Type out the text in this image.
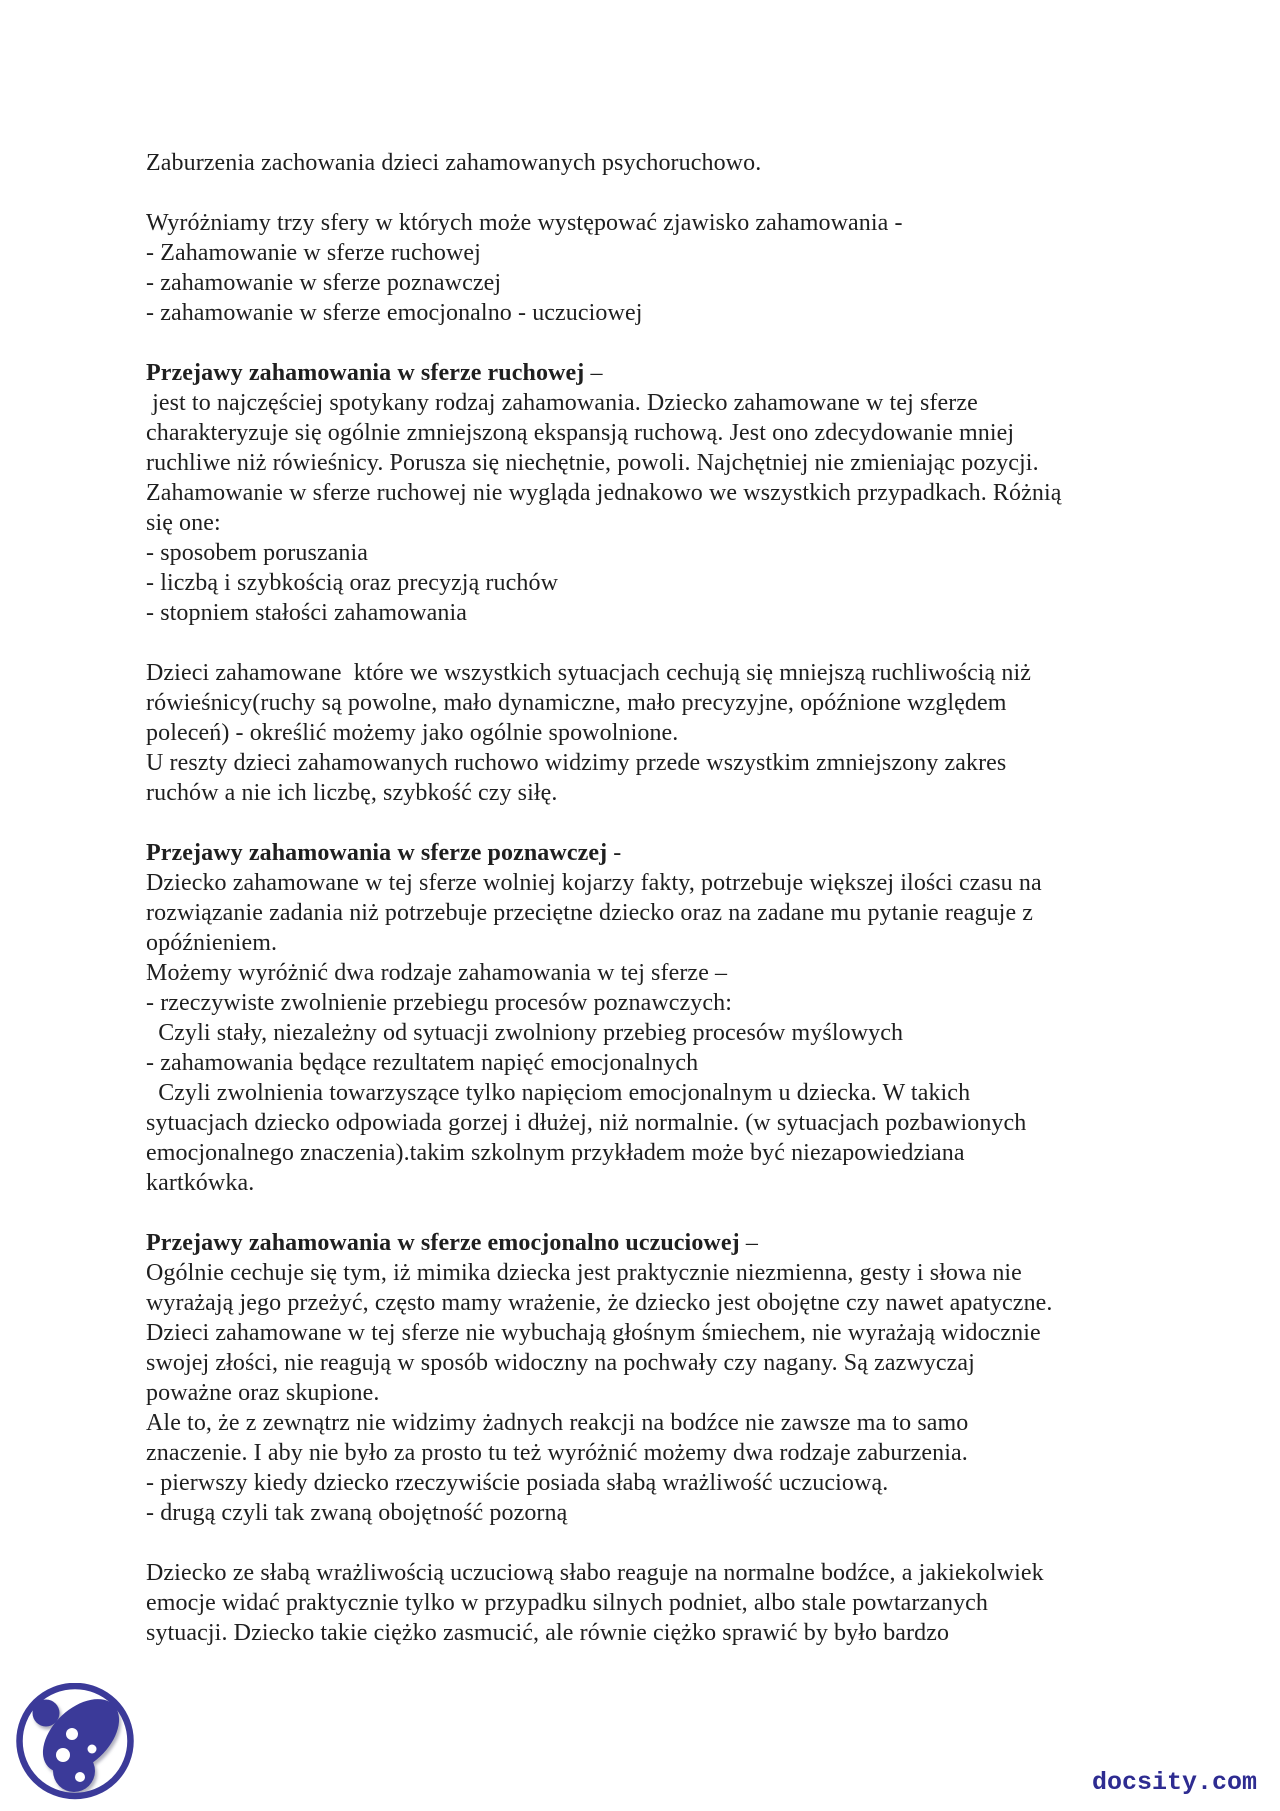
Zaburzenia zachowania dzieci zahamowanych psychoruchowo.
Wyróżniamy trzy sfery w których może występować zjawisko zahamowania -
- Zahamowanie w sferze ruchowej
- zahamowanie w sferze poznawczej
- zahamowanie w sferze emocjonalno - uczuciowej
Przejawy zahamowania w sferze ruchowej –
jest to najczęściej spotykany rodzaj zahamowania. Dziecko zahamowane w tej sferze
charakteryzuje się ogólnie zmniejszoną ekspansją ruchową. Jest ono zdecydowanie mniej
ruchliwe niż rówieśnicy. Porusza się niechętnie, powoli. Najchętniej nie zmieniając pozycji.
Zahamowanie w sferze ruchowej nie wygląda jednakowo we wszystkich przypadkach. Różnią
się one:
- sposobem poruszania
- liczbą i szybkością oraz precyzją ruchów
- stopniem stałości zahamowania
Dzieci zahamowane  które we wszystkich sytuacjach cechują się mniejszą ruchliwością niż
rówieśnicy(ruchy są powolne, mało dynamiczne, mało precyzyjne, opóźnione względem
poleceń) - określić możemy jako ogólnie spowolnione.
U reszty dzieci zahamowanych ruchowo widzimy przede wszystkim zmniejszony zakres
ruchów a nie ich liczbę, szybkość czy siłę.
Przejawy zahamowania w sferze poznawczej -
Dziecko zahamowane w tej sferze wolniej kojarzy fakty, potrzebuje większej ilości czasu na
rozwiązanie zadania niż potrzebuje przeciętne dziecko oraz na zadane mu pytanie reaguje z
opóźnieniem.
Możemy wyróżnić dwa rodzaje zahamowania w tej sferze –
- rzeczywiste zwolnienie przebiegu procesów poznawczych:
Czyli stały, niezależny od sytuacji zwolniony przebieg procesów myślowych
- zahamowania będące rezultatem napięć emocjonalnych
Czyli zwolnienia towarzyszące tylko napięciom emocjonalnym u dziecka. W takich
sytuacjach dziecko odpowiada gorzej i dłużej, niż normalnie. (w sytuacjach pozbawionych
emocjonalnego znaczenia).takim szkolnym przykładem może być niezapowiedziana
kartkówka.
Przejawy zahamowania w sferze emocjonalno uczuciowej –
Ogólnie cechuje się tym, iż mimika dziecka jest praktycznie niezmienna, gesty i słowa nie
wyrażają jego przeżyć, często mamy wrażenie, że dziecko jest obojętne czy nawet apatyczne.
Dzieci zahamowane w tej sferze nie wybuchają głośnym śmiechem, nie wyrażają widocznie
swojej złości, nie reagują w sposób widoczny na pochwały czy nagany. Są zazwyczaj
poważne oraz skupione.
Ale to, że z zewnątrz nie widzimy żadnych reakcji na bodźce nie zawsze ma to samo
znaczenie. I aby nie było za prosto tu też wyróżnić możemy dwa rodzaje zaburzenia.
- pierwszy kiedy dziecko rzeczywiście posiada słabą wrażliwość uczuciową.
- drugą czyli tak zwaną obojętność pozorną
Dziecko ze słabą wrażliwością uczuciową słabo reaguje na normalne bodźce, a jakiekolwiek
emocje widać praktycznie tylko w przypadku silnych podniet, albo stale powtarzanych
sytuacji. Dziecko takie ciężko zasmucić, ale równie ciężko sprawić by było bardzo
docsity.com
